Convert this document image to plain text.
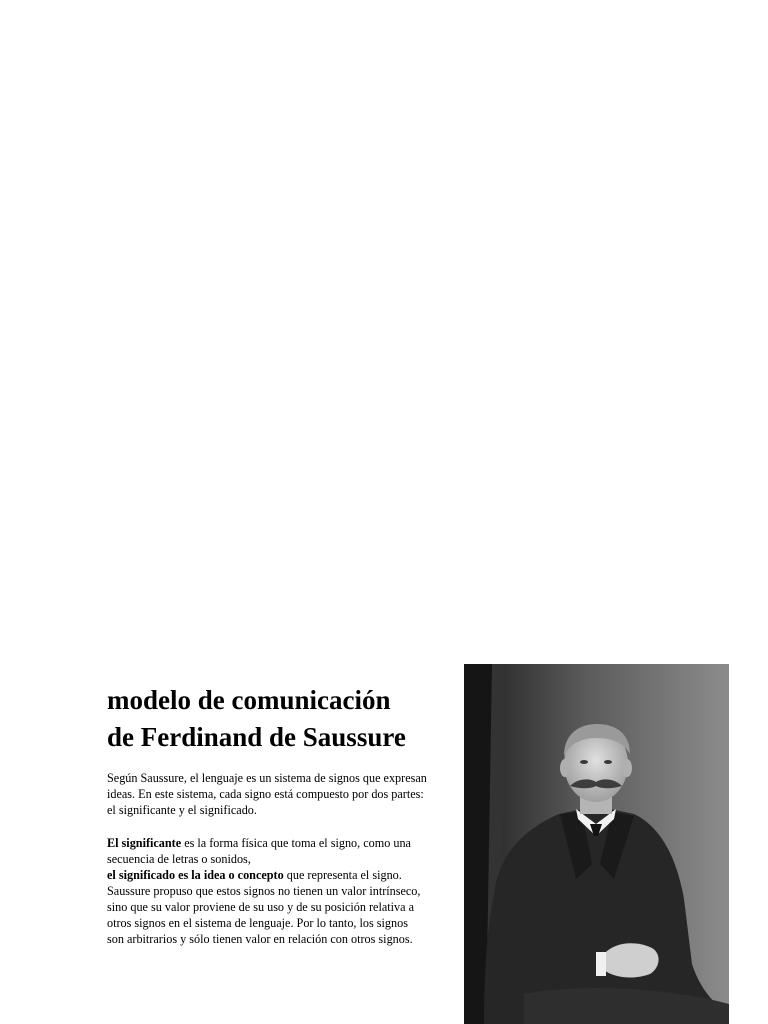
modelo de comunicación
de Ferdinand de Saussure
Según Saussure, el lenguaje es un sistema de signos que expresan
ideas. En este sistema, cada signo está compuesto por dos partes:
el significante y el significado.
El significante es la forma física que toma el signo, como una
secuencia de letras o sonidos,
el significado es la idea o concepto que representa el signo.
Saussure propuso que estos signos no tienen un valor intrínseco,
sino que su valor proviene de su uso y de su posición relativa a
otros signos en el sistema de lenguaje. Por lo tanto, los signos
son arbitrarios y sólo tienen valor en relación con otros signos.
